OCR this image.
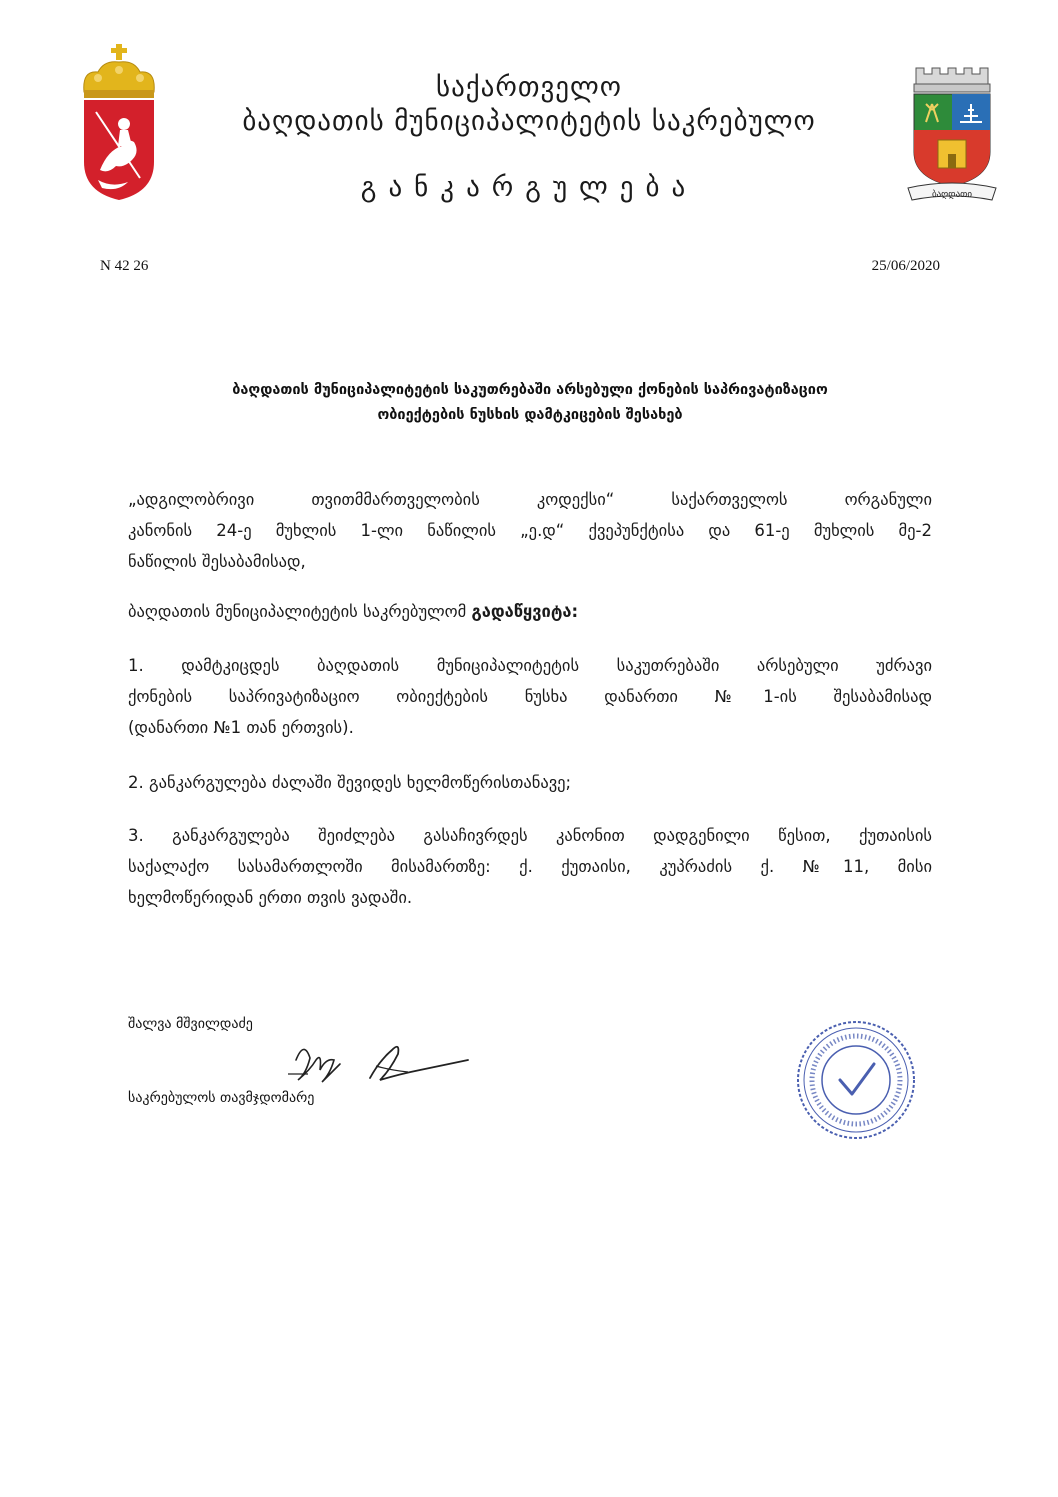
ბაღდათი
საქართველო
ბაღდათის მუნიციპალიტეტის საკრებულო
განკარგულება
N 42 26	25/06/2020
ბაღდათის მუნიციპალიტეტის საკუთრებაში არსებული ქონების საპრივატიზაციო
ობიექტების ნუსხის დამტკიცების შესახებ
„ადგილობრივი თვითმმართველობის კოდექსი“ საქართველოს ორგანული
კანონის 24-ე მუხლის 1-ლი ნაწილის „ე.დ“ ქვეპუნქტისა და 61-ე მუხლის მე-2
ნაწილის შესაბამისად,
ბაღდათის მუნიციპალიტეტის საკრებულომ გადაწყვიტა:
1. დამტკიცდეს ბაღდათის მუნიციპალიტეტის საკუთრებაში არსებული უძრავი
ქონების საპრივატიზაციო ობიექტების ნუსხა დანართი №1-ის შესაბამისად
(დანართი №1 თან ერთვის).
2. განკარგულება ძალაში შევიდეს ხელმოწერისთანავე;
3. განკარგულება შეიძლება გასაჩივრდეს კანონით დადგენილი წესით, ქუთაისის
საქალაქო სასამართლოში მისამართზე: ქ. ქუთაისი, კუპრაძის ქ. №11, მისი
ხელმოწერიდან ერთი თვის ვადაში.
შალვა მშვილდაძე
საკრებულოს თავმჯდომარე
